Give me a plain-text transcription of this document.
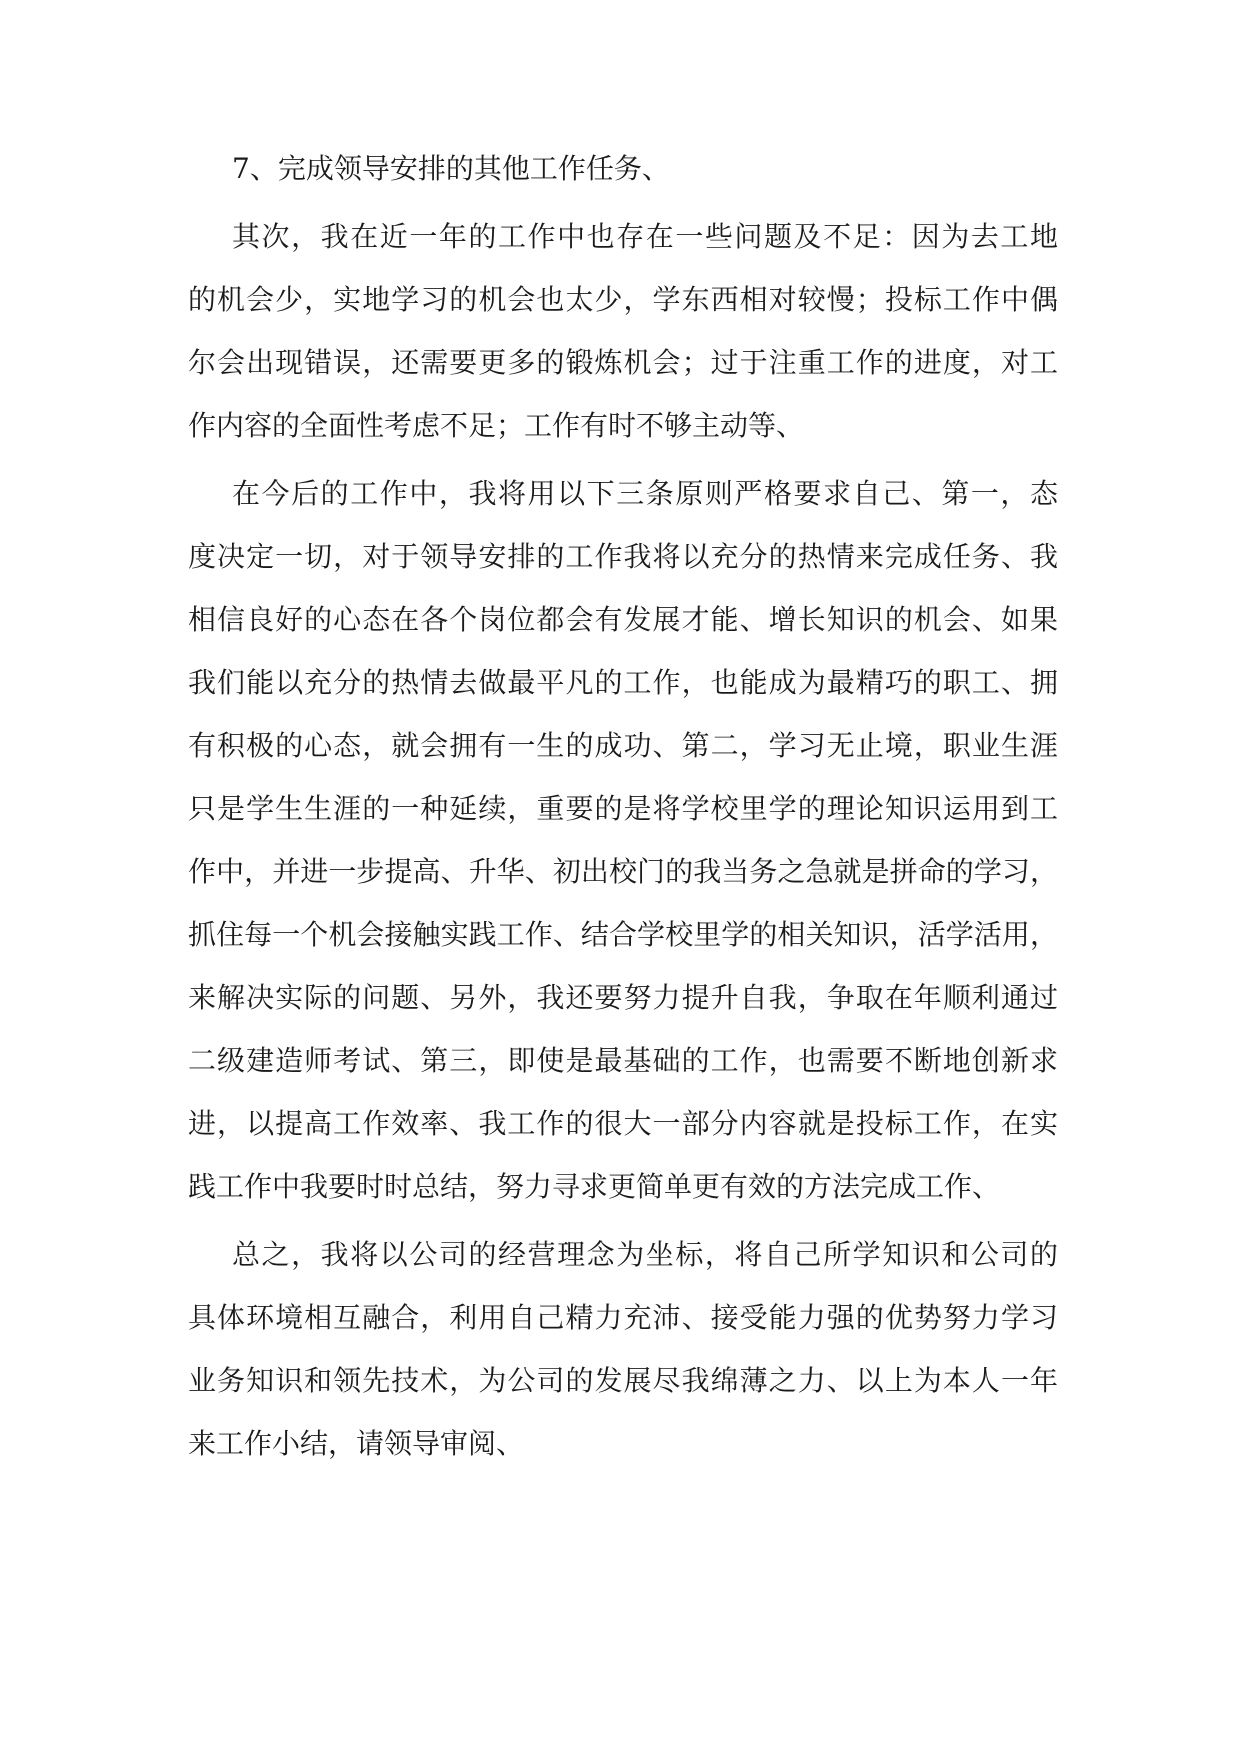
7、完成领导安排的其他工作任务、
其次，我在近一年的工作中也存在一些问题及不足：因为去工地
的机会少，实地学习的机会也太少，学东西相对较慢；投标工作中偶
尔会出现错误，还需要更多的锻炼机会；过于注重工作的进度，对工
作内容的全面性考虑不足；工作有时不够主动等、
在今后的工作中，我将用以下三条原则严格要求自己、第一，态
度决定一切，对于领导安排的工作我将以充分的热情来完成任务、我
相信良好的心态在各个岗位都会有发展才能、增长知识的机会、如果
我们能以充分的热情去做最平凡的工作，也能成为最精巧的职工、拥
有积极的心态，就会拥有一生的成功、第二，学习无止境，职业生涯
只是学生生涯的一种延续，重要的是将学校里学的理论知识运用到工
作中，并进一步提高、升华、初出校门的我当务之急就是拼命的学习，
抓住每一个机会接触实践工作、结合学校里学的相关知识，活学活用，
来解决实际的问题、另外，我还要努力提升自我，争取在年顺利通过
二级建造师考试、第三，即使是最基础的工作，也需要不断地创新求
进，以提高工作效率、我工作的很大一部分内容就是投标工作，在实
践工作中我要时时总结，努力寻求更简单更有效的方法完成工作、
总之，我将以公司的经营理念为坐标，将自己所学知识和公司的
具体环境相互融合，利用自己精力充沛、接受能力强的优势努力学习
业务知识和领先技术，为公司的发展尽我绵薄之力、以上为本人一年
来工作小结，请领导审阅、
